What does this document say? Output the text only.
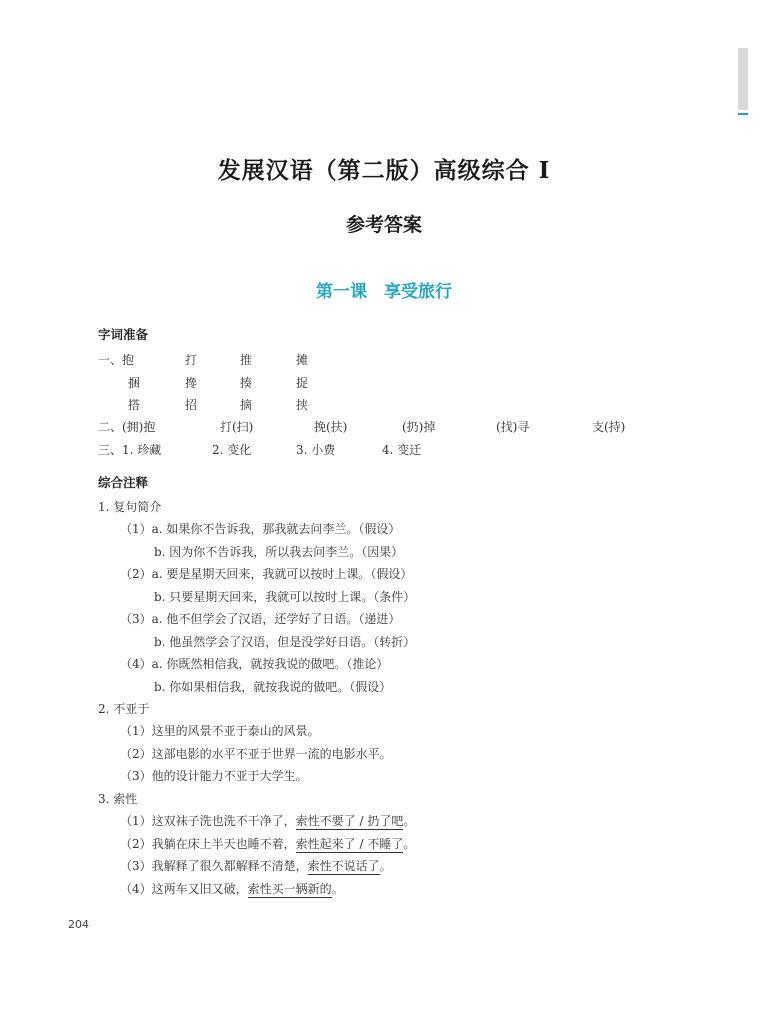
发展汉语（第二版）高级综合 I
参考答案
第一课　享受旅行
字词准备
一、抱	打	推	摊
捆	搀	揍	捉
搭	招	摘	挟
二、(拥)抱	打(扫)	挽(扶)	(扔)掉	(找)寻	支(持)
三、1. 珍藏	2. 变化	3. 小费	4. 变迁
综合注释
1. 复句简介
（1）a. 如果你不告诉我，那我就去问李兰。（假设）
b. 因为你不告诉我，所以我去问李兰。（因果）
（2）a. 要是星期天回来，我就可以按时上课。（假设）
b. 只要星期天回来，我就可以按时上课。（条件）
（3）a. 他不但学会了汉语，还学好了日语。（递进）
b. 他虽然学会了汉语，但是没学好日语。（转折）
（4）a. 你既然相信我，就按我说的做吧。（推论）
b. 你如果相信我，就按我说的做吧。（假设）
2. 不亚于
（1）这里的风景不亚于泰山的风景。
（2）这部电影的水平不亚于世界一流的电影水平。
（3）他的设计能力不亚于大学生。
3. 索性
（1）这双袜子洗也洗不干净了，索性不要了 / 扔了吧。
（2）我躺在床上半天也睡不着，索性起来了 / 不睡了。
（3）我解释了很久都解释不清楚，索性不说话了。
（4）这两车又旧又破，索性买一辆新的。
204
